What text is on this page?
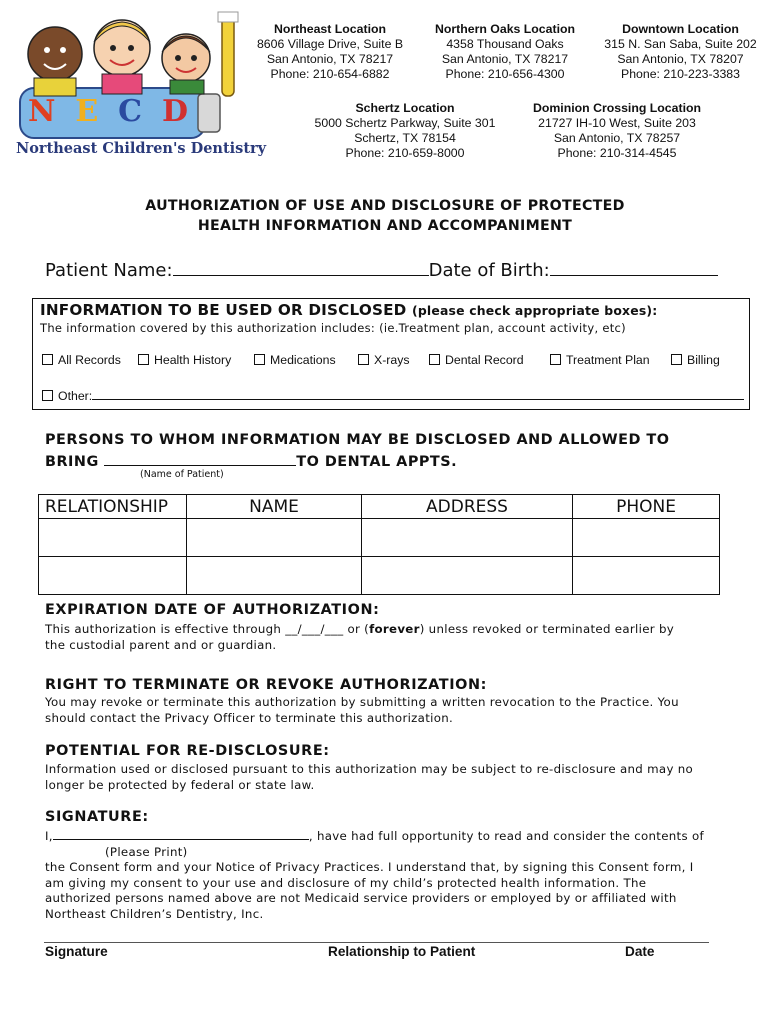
N E C D
Northeast Children's Dentistry
Northeast Location
8606 Village Drive, Suite B
San Antonio, TX 78217
Phone: 210-654-6882
Northern Oaks Location
4358 Thousand Oaks
San Antonio, TX 78217
Phone: 210-656-4300
Downtown Location
315 N. San Saba, Suite 202
San Antonio, TX 78207
Phone: 210-223-3383
Schertz Location
5000 Schertz Parkway, Suite 301
Schertz, TX 78154
Phone: 210-659-8000
Dominion Crossing Location
21727 IH-10 West, Suite 203
San Antonio, TX 78257
Phone: 210-314-4545
AUTHORIZATION OF USE AND DISCLOSURE OF PROTECTED
HEALTH INFORMATION AND ACCOMPANIMENT
Patient Name:	Date of Birth:
INFORMATION TO BE USED OR DISCLOSED (please check appropriate boxes):
The information covered by this authorization includes: (ie.Treatment plan, account activity, etc)
All Records	Health History	Medications	X-rays	Dental Record	Treatment Plan	Billing
Other:
PERSONS TO WHOM INFORMATION MAY BE DISCLOSED AND ALLOWED TO
BRING	TO DENTAL APPTS.
(Name of Patient)
RELATIONSHIP	NAME	ADDRESS	PHONE

EXPIRATION DATE OF AUTHORIZATION:
This authorization is effective through __/___/___ or (forever) unless revoked or terminated earlier by
the custodial parent and or guardian.
RIGHT TO TERMINATE OR REVOKE AUTHORIZATION:
You may revoke or terminate this authorization by submitting a written revocation to the Practice. You
should contact the Privacy Officer to terminate this authorization.
POTENTIAL FOR RE-DISCLOSURE:
Information used or disclosed pursuant to this authorization may be subject to re-disclosure and may no
longer be protected by federal or state law.
SIGNATURE:
I,	, have had full opportunity to read and consider the contents of
(Please Print)
the Consent form and your Notice of Privacy Practices. I understand that, by signing this Consent form, I
am giving my consent to your use and disclosure of my child’s protected health information. The
authorized persons named above are not Medicaid service providers or employed by or affiliated with
Northeast Children’s Dentistry, Inc.
Signature	Relationship to Patient	Date
